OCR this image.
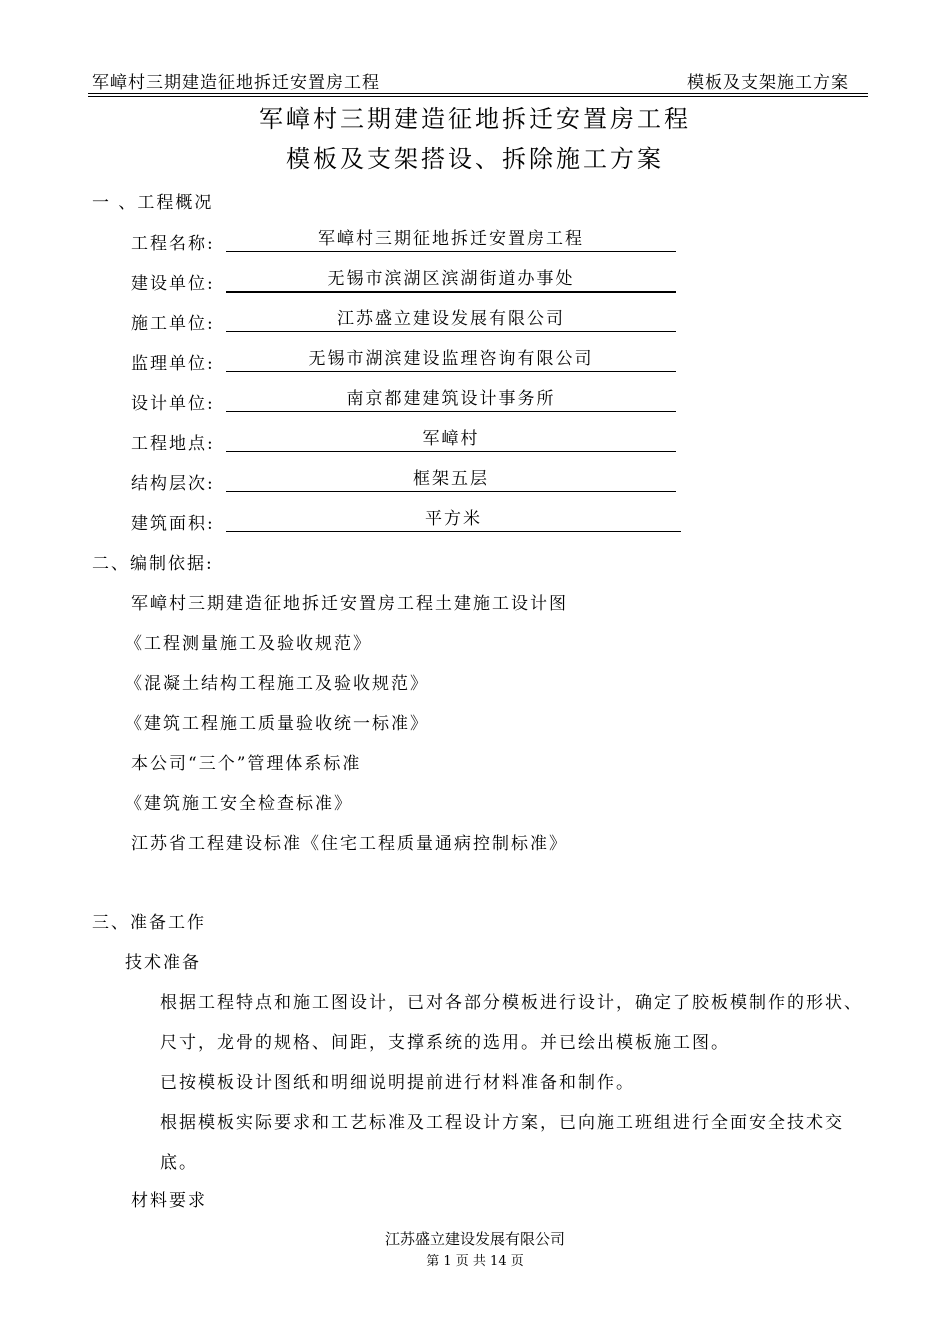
军嶂村三期建造征地拆迁安置房工程	模板及支架施工方案
军嶂村三期建造征地拆迁安置房工程
模板及支架搭设、拆除施工方案
一 、工程概况
工程名称:	军嶂村三期征地拆迁安置房工程
建设单位:	无锡市滨湖区滨湖街道办事处
施工单位:	江苏盛立建设发展有限公司
监理单位:	无锡市湖滨建设监理咨询有限公司
设计单位:	南京都建建筑设计事务所
工程地点:	军嶂村
结构层次:	框架五层
建筑面积:	平方米
二、编制依据:
军嶂村三期建造征地拆迁安置房工程土建施工设计图
《工程测量施工及验收规范》
《混凝土结构工程施工及验收规范》
《建筑工程施工质量验收统一标准》
本公司“三个”管理体系标准
《建筑施工安全检查标准》
江苏省工程建设标准《住宅工程质量通病控制标准》
三、准备工作
技术准备
根据工程特点和施工图设计，已对各部分模板进行设计，确定了胶板模制作的形状、
尺寸，龙骨的规格、间距，支撑系统的选用。并已绘出模板施工图。
已按模板设计图纸和明细说明提前进行材料准备和制作。
根据模板实际要求和工艺标准及工程设计方案，已向施工班组进行全面安全技术交
底。
材料要求
江苏盛立建设发展有限公司
第 1 页 共 14 页
